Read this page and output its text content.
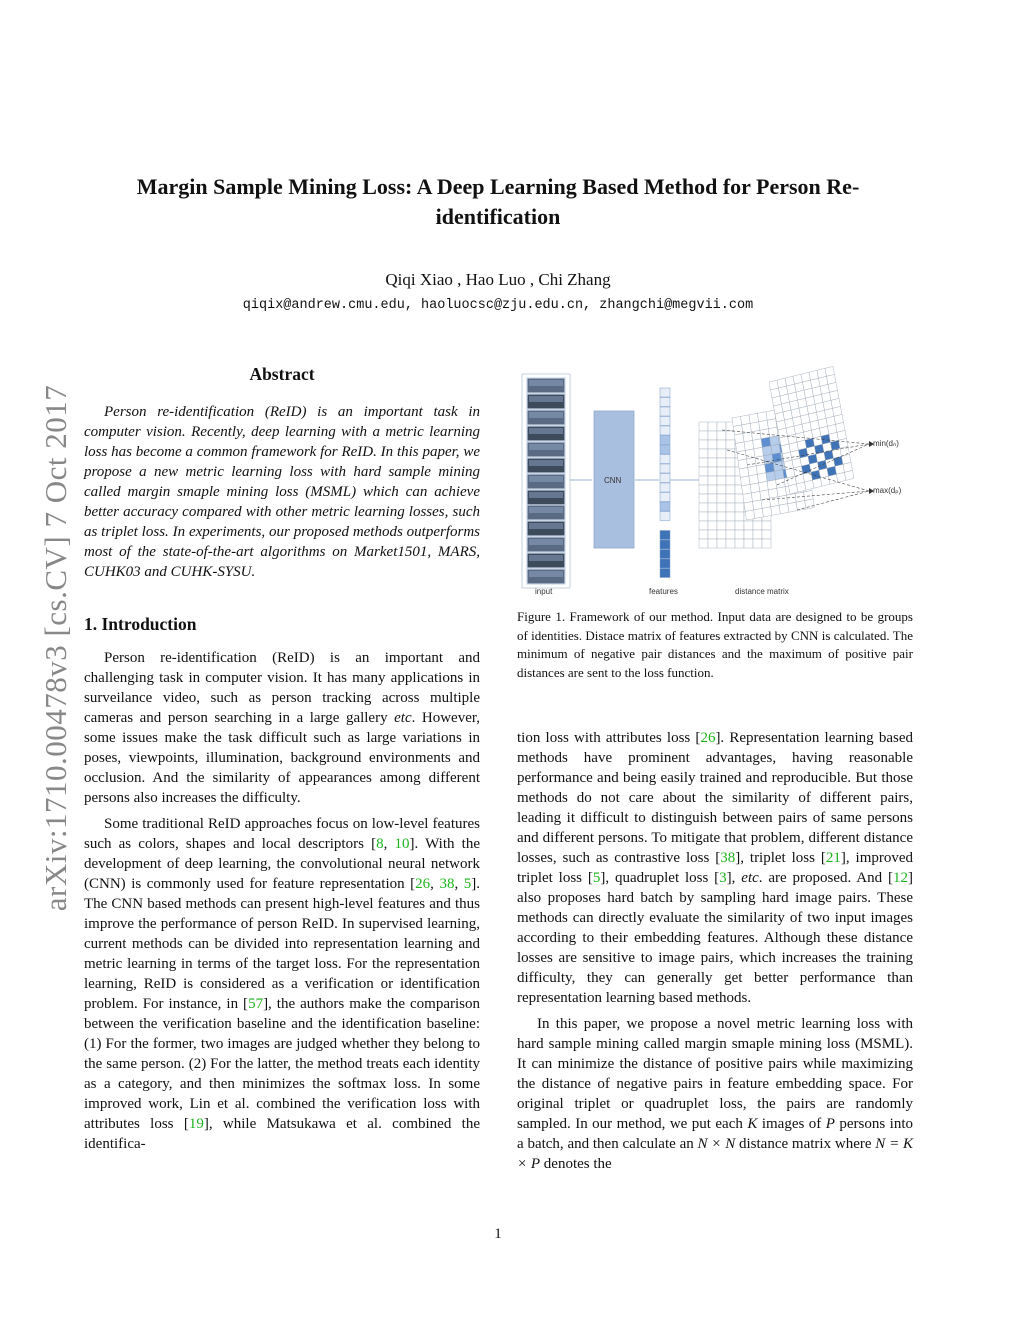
arXiv:1710.00478v3 [cs.CV] 7 Oct 2017
Margin Sample Mining Loss: A Deep Learning Based Method for Person Re-identification
Qiqi Xiao , Hao Luo , Chi Zhang
qiqix@andrew.cmu.edu, haoluocsc@zju.edu.cn, zhangchi@megvii.com
Abstract
Person re-identification (ReID) is an important task in computer vision. Recently, deep learning with a metric learning loss has become a common framework for ReID. In this paper, we propose a new metric learning loss with hard sample mining called margin smaple mining loss (MSML) which can achieve better accuracy compared with other metric learning losses, such as triplet loss. In experiments, our proposed methods outperforms most of the state-of-the-art algorithms on Market1501, MARS, CUHK03 and CUHK-SYSU.
1. Introduction
Person re-identification (ReID) is an important and challenging task in computer vision. It has many applications in surveilance video, such as person tracking across multiple cameras and person searching in a large gallery etc. However, some issues make the task difficult such as large variations in poses, viewpoints, illumination, background environments and occlusion. And the similarity of appearances among different persons also increases the difficulty.
Some traditional ReID approaches focus on low-level features such as colors, shapes and local descriptors [8, 10]. With the development of deep learning, the convolutional neural network (CNN) is commonly used for feature representation [26, 38, 5]. The CNN based methods can present high-level features and thus improve the performance of person ReID. In supervised learning, current methods can be divided into representation learning and metric learning in terms of the target loss. For the representation learning, ReID is considered as a verification or identification problem. For instance, in [57], the authors make the comparison between the verification baseline and the identification baseline: (1) For the former, two images are judged whether they belong to the same person. (2) For the latter, the method treats each identity as a category, and then minimizes the softmax loss. In some improved work, Lin et al. combined the verification loss with attributes loss [19], while Matsukawa et al. combined the identifica-
input
CNN
features	distance matrix
min(dₙ)
max(dₚ)
Figure 1. Framework of our method. Input data are designed to be groups of identities. Distace matrix of features extracted by CNN is calculated. The minimum of negative pair distances and the maximum of positive pair distances are sent to the loss function.
tion loss with attributes loss [26]. Representation learning based methods have prominent advantages, having reasonable performance and being easily trained and reproducible. But those methods do not care about the similarity of different pairs, leading it difficult to distinguish between pairs of same persons and different persons. To mitigate that problem, different distance losses, such as contrastive loss [38], triplet loss [21], improved triplet loss [5], quadruplet loss [3], etc. are proposed. And [12] also proposes hard batch by sampling hard image pairs. These methods can directly evaluate the similarity of two input images according to their embedding features. Although these distance losses are sensitive to image pairs, which increases the training difficulty, they can generally get better performance than representation learning based methods.
In this paper, we propose a novel metric learning loss with hard sample mining called margin smaple mining loss (MSML). It can minimize the distance of positive pairs while maximizing the distance of negative pairs in feature embedding space. For original triplet or quadruplet loss, the pairs are randomly sampled. In our method, we put each K images of P persons into a batch, and then calculate an N × N distance matrix where N = K × P denotes the
1
